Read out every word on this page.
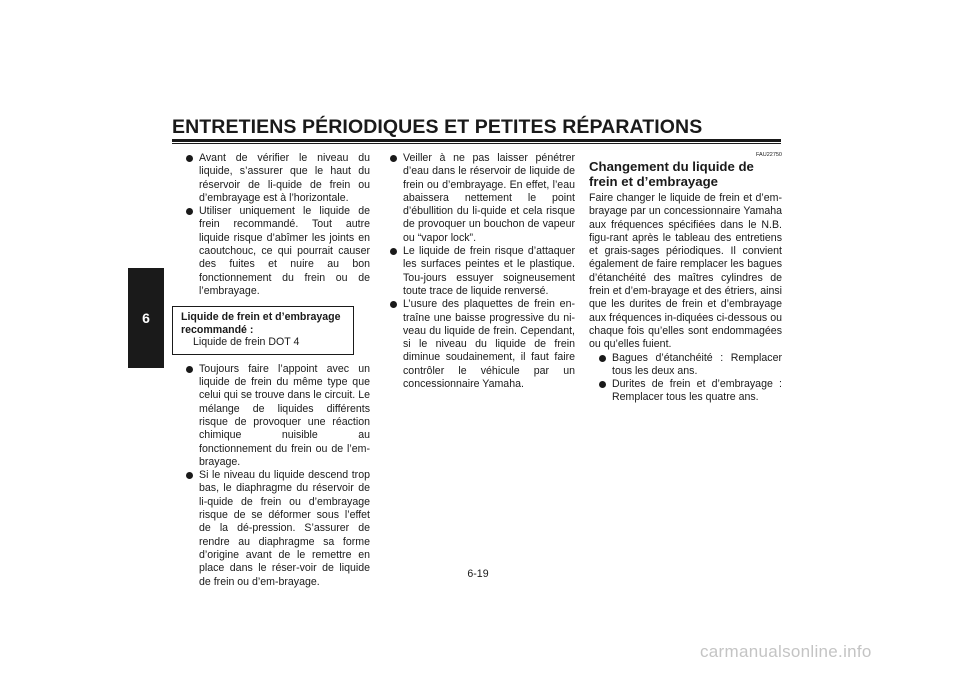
ENTRETIENS PÉRIODIQUES ET PETITES RÉPARATIONS
6
Avant de vérifier le niveau du liquide, s’assurer que le haut du réservoir de li-quide de frein ou d’embrayage est à l’horizontale.
Utiliser uniquement le liquide de frein recommandé. Tout autre liquide risque d’abîmer les joints en caoutchouc, ce qui pourrait causer des fuites et nuire au bon fonctionnement du frein ou de l’embrayage.
Liquide de frein et d’embrayage recommandé :
Liquide de frein DOT 4
Toujours faire l’appoint avec un liquide de frein du même type que celui qui se trouve dans le circuit. Le mélange de liquides différents risque de provoquer une réaction chimique nuisible au fonctionnement du frein ou de l’em-brayage.
Si le niveau du liquide descend trop bas, le diaphragme du réservoir de li-quide de frein ou d’embrayage risque de se déformer sous l’effet de la dé-pression. S’assurer de rendre au diaphragme sa forme d’origine avant de le remettre en place dans le réser-voir de liquide de frein ou d’em-brayage.
Veiller à ne pas laisser pénétrer d’eau dans le réservoir de liquide de frein ou d’embrayage. En effet, l’eau abaissera nettement le point d’ébullition du li-quide et cela risque de provoquer un bouchon de vapeur ou “vapor lock”.
Le liquide de frein risque d’attaquer les surfaces peintes et le plastique. Tou-jours essuyer soigneusement toute trace de liquide renversé.
L’usure des plaquettes de frein en-traîne une baisse progressive du ni-veau du liquide de frein. Cependant, si le niveau du liquide de frein diminue soudainement, il faut faire contrôler le véhicule par un concessionnaire Yamaha.
FAU22750
Changement du liquide de frein et d’embrayage

Faire changer le liquide de frein et d’em-brayage par un concessionnaire Yamaha aux fréquences spécifiées dans le N.B. figu-rant après le tableau des entretiens et grais-sages périodiques. Il convient également de faire remplacer les bagues d’étanchéité des maîtres cylindres de frein et d’em-brayage et des étriers, ainsi que les durites de frein et d’embrayage aux fréquences in-diquées ci-dessous ou chaque fois qu’elles sont endommagées ou qu’elles fuient.

Bagues d’étanchéité : Remplacer tous les deux ans.
Durites de frein et d’embrayage : Remplacer tous les quatre ans.
6-19
carmanualsonline.info
